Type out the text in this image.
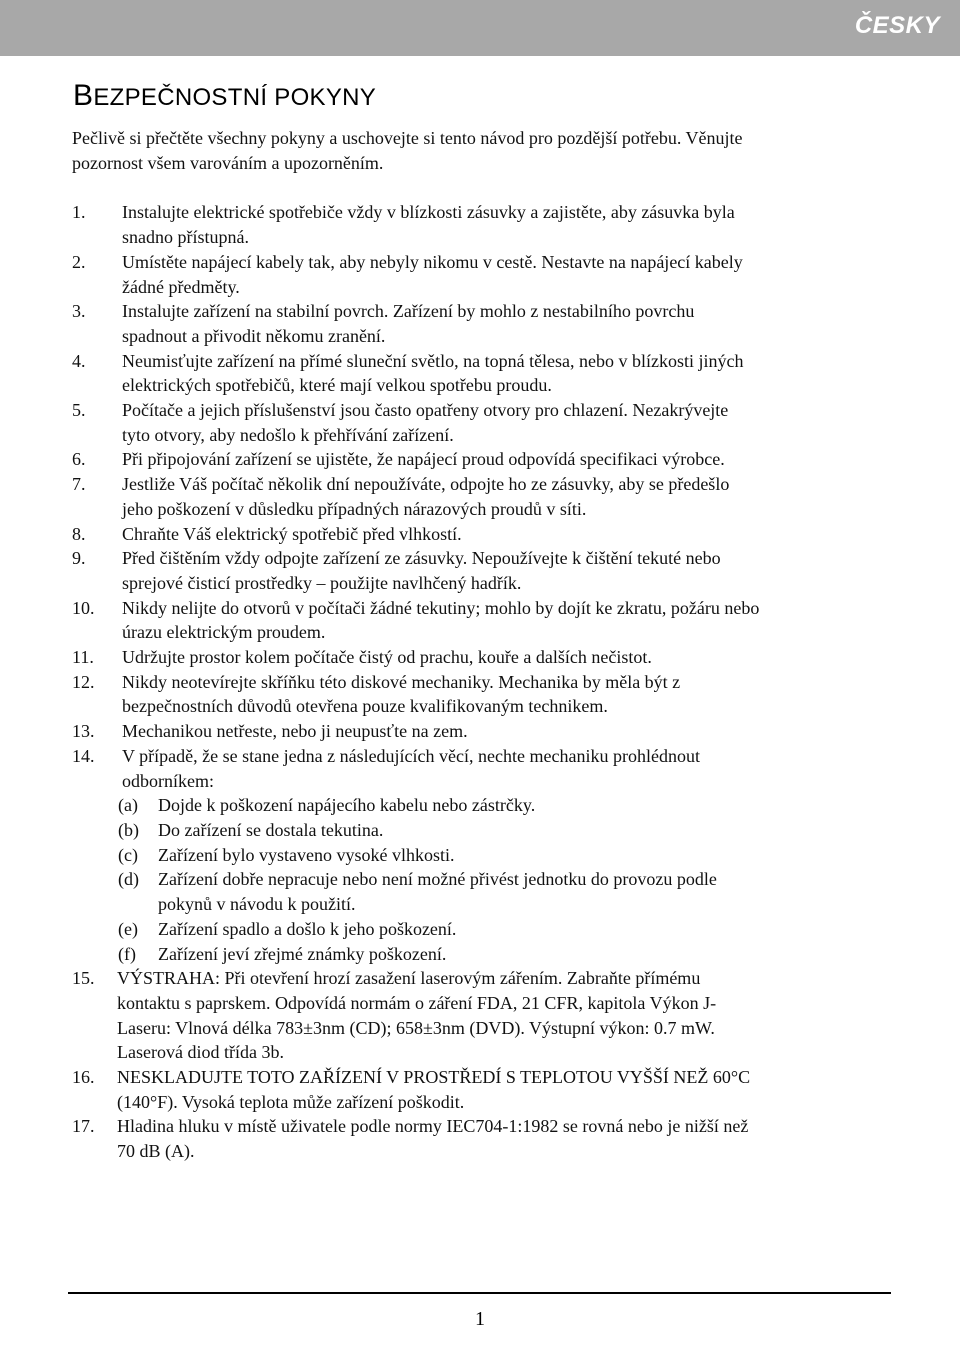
ČESKY
BEZPEČNOSTNÍ POKYNY
Pečlivě si přečtěte všechny pokyny a uschovejte si tento návod pro pozdější potřebu. Věnujte
pozornost všem varováním a upozorněním.
1. Instalujte elektrické spotřebiče vždy v blízkosti zásuvky a zajistěte, aby zásuvka byla
snadno přístupná.
2. Umístěte napájecí kabely tak, aby nebyly nikomu v cestě. Nestavte na napájecí kabely
žádné předměty.
3. Instalujte zařízení na stabilní povrch. Zařízení by mohlo z nestabilního povrchu
spadnout a přivodit někomu zranění.
4. Neumisťujte zařízení na přímé sluneční světlo, na topná tělesa, nebo v blízkosti jiných
elektrických spotřebičů, které mají velkou spotřebu proudu.
5. Počítače a jejich příslušenství jsou často opatřeny otvory pro chlazení. Nezakrývejte
tyto otvory, aby nedošlo k přehřívání zařízení.
6. Při připojování zařízení se ujistěte, že napájecí proud odpovídá specifikaci výrobce.
7. Jestliže Váš počítač několik dní nepoužíváte, odpojte ho ze zásuvky, aby se předešlo
jeho poškození v důsledku případných nárazových proudů v síti.
8. Chraňte Váš elektrický spotřebič před vlhkostí.
9. Před čištěním vždy odpojte zařízení ze zásuvky. Nepoužívejte k čištění tekuté nebo
sprejové čisticí prostředky – použijte navlhčený hadřík.
10. Nikdy nelijte do otvorů v počítači žádné tekutiny; mohlo by dojít ke zkratu, požáru nebo
úrazu elektrickým proudem.
11. Udržujte prostor kolem počítače čistý od prachu, kouře a dalších nečistot.
12. Nikdy neotevírejte skříňku této diskové mechaniky. Mechanika by měla být z
bezpečnostních důvodů otevřena pouze kvalifikovaným technikem.
13. Mechanikou netřeste, nebo ji neupusťte na zem.
14. V případě, že se stane jedna z následujících věcí, nechte mechaniku prohlédnout
odborníkem:
(a) Dojde k poškození napájecího kabelu nebo zástrčky.
(b) Do zařízení se dostala tekutina.
(c) Zařízení bylo vystaveno vysoké vlhkosti.
(d) Zařízení dobře nepracuje nebo není možné přivést jednotku do provozu podle
pokynů v návodu k použití.
(e) Zařízení spadlo a došlo k jeho poškození.
(f) Zařízení jeví zřejmé známky poškození.
15. VÝSTRAHA: Při otevření hrozí zasažení laserovým zářením. Zabraňte přímému
kontaktu s paprskem. Odpovídá normám o záření FDA, 21 CFR, kapitola Výkon J-
Laseru: Vlnová délka 783±3nm (CD); 658±3nm (DVD). Výstupní výkon: 0.7 mW.
Laserová diod třída 3b.
16. NESKLADUJTE TOTO ZAŘÍZENÍ V PROSTŘEDÍ S TEPLOTOU VYŠŠÍ NEŽ 60°C
(140°F). Vysoká teplota může zařízení poškodit.
17. Hladina hluku v místě uživatele podle normy IEC704-1:1982 se rovná nebo je nižší než
70 dB (A).
1
